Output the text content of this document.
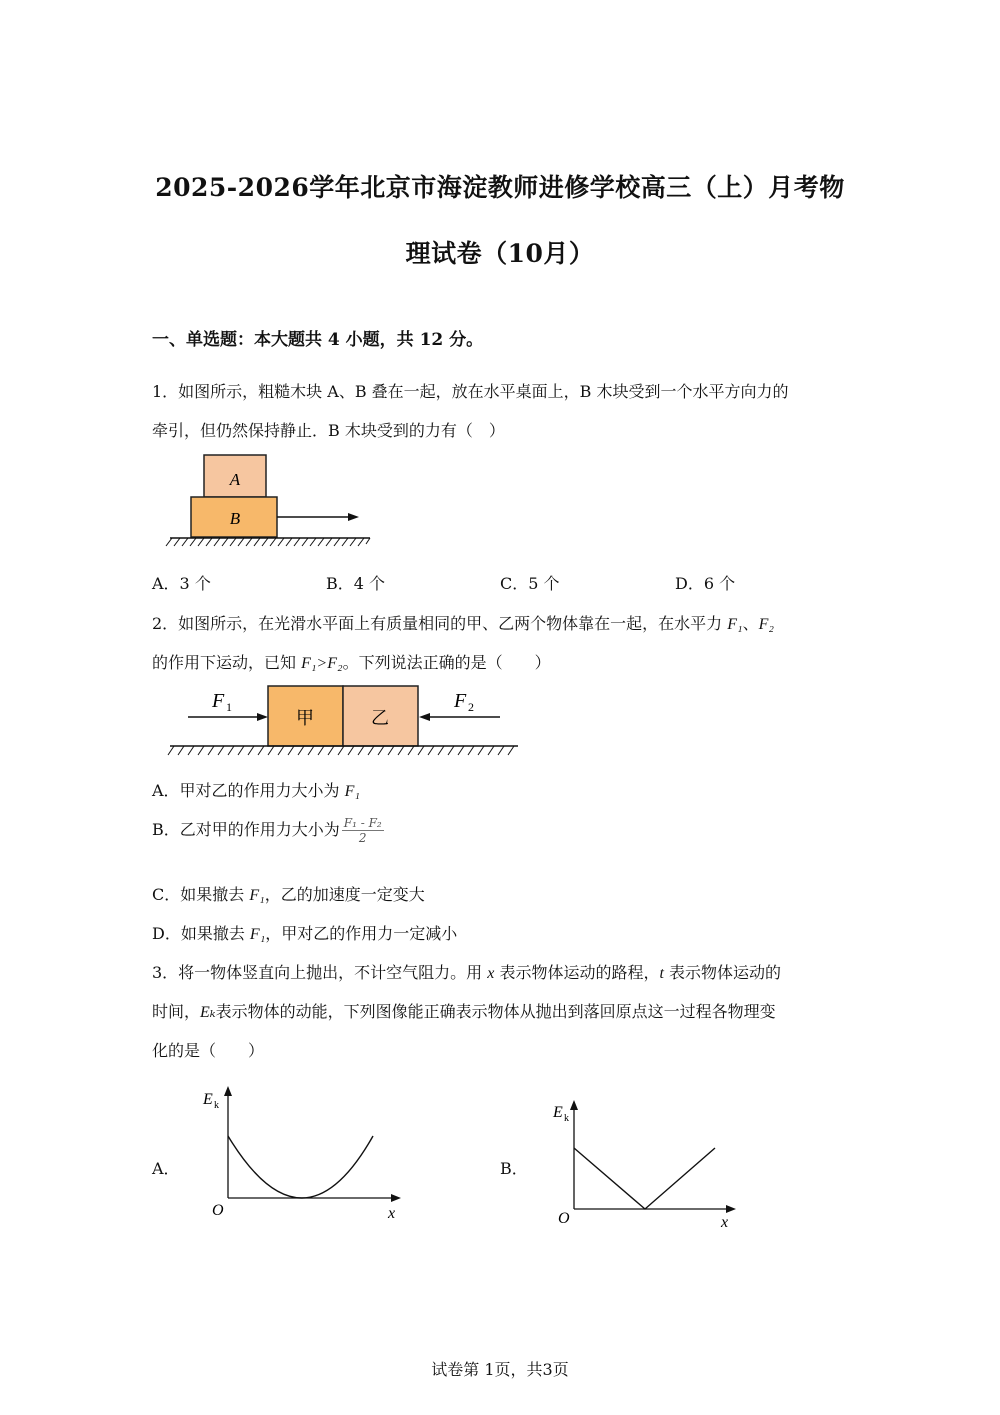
2025-2026学年北京市海淀教师进修学校高三（上）月考物
理试卷（10月）
一、单选题：本大题共 4 小题，共 12 分。
1．如图所示，粗糙木块 A、B 叠在一起，放在水平桌面上，B 木块受到一个水平方向力的
牵引，但仍然保持静止．B 木块受到的力有（　）
A
B
A．3 个	B．4 个	C．5 个	D．6 个
2．如图所示，在光滑水平面上有质量相同的甲、乙两个物体靠在一起，在水平力 F₁、F₂
的作用下运动，已知 F₁>F₂。下列说法正确的是（　　）
F 1
甲	乙
F 2
A．甲对乙的作用力大小为 F₁
B．乙对甲的作用力大小为 $\frac{\text{F₁ - F₂}}{2}$
C．如果撤去 F₁，乙的加速度一定变大
D．如果撤去 F₁，甲对乙的作用力一定减小
3．将一物体竖直向上抛出，不计空气阻力。用 x 表示物体运动的路程，t 表示物体运动的
时间，Eₖ表示物体的动能，下列图像能正确表示物体从抛出到落回原点这一过程各物理变
化的是（　　）
A．
E k
O	x
B．
E k
O	x
试卷第 1页，共3页
